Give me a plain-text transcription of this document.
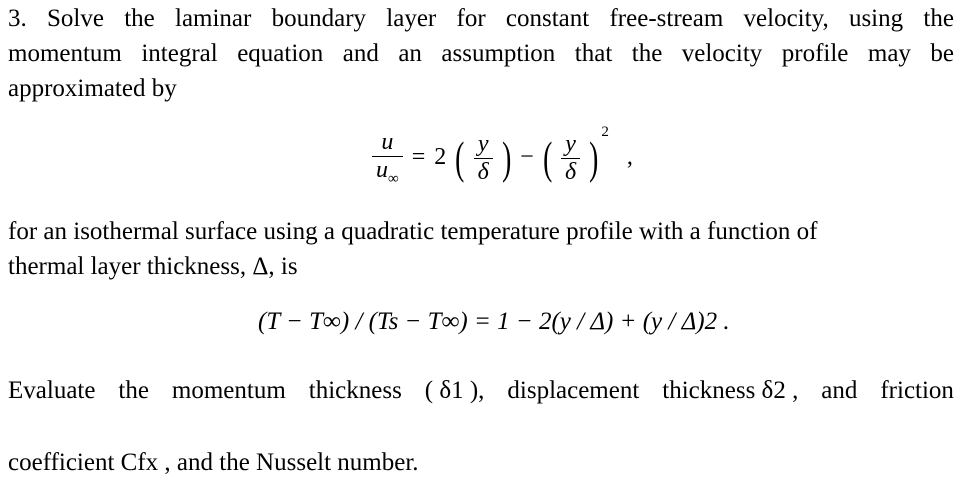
3. Solve the laminar boundary layer for constant free-stream velocity, using the
momentum integral equation and an assumption that the velocity profile may be
approximated by
$\frac{u}{u_\infty} = 2$ ( $\frac{y}{\delta}$ ) − ( $\frac{y}{\delta} )^2$ ,
for an isothermal surface using a quadratic temperature profile with a function of
thermal layer thickness, Δ, is
(T − T∞) / (Ts − T∞) = 1 − 2(y / Δ) + (y / Δ)2 .
Evaluate the momentum thickness ( δ1 ), displacement thickness δ2 , and friction
coefficient Cfx , and the Nusselt number.
